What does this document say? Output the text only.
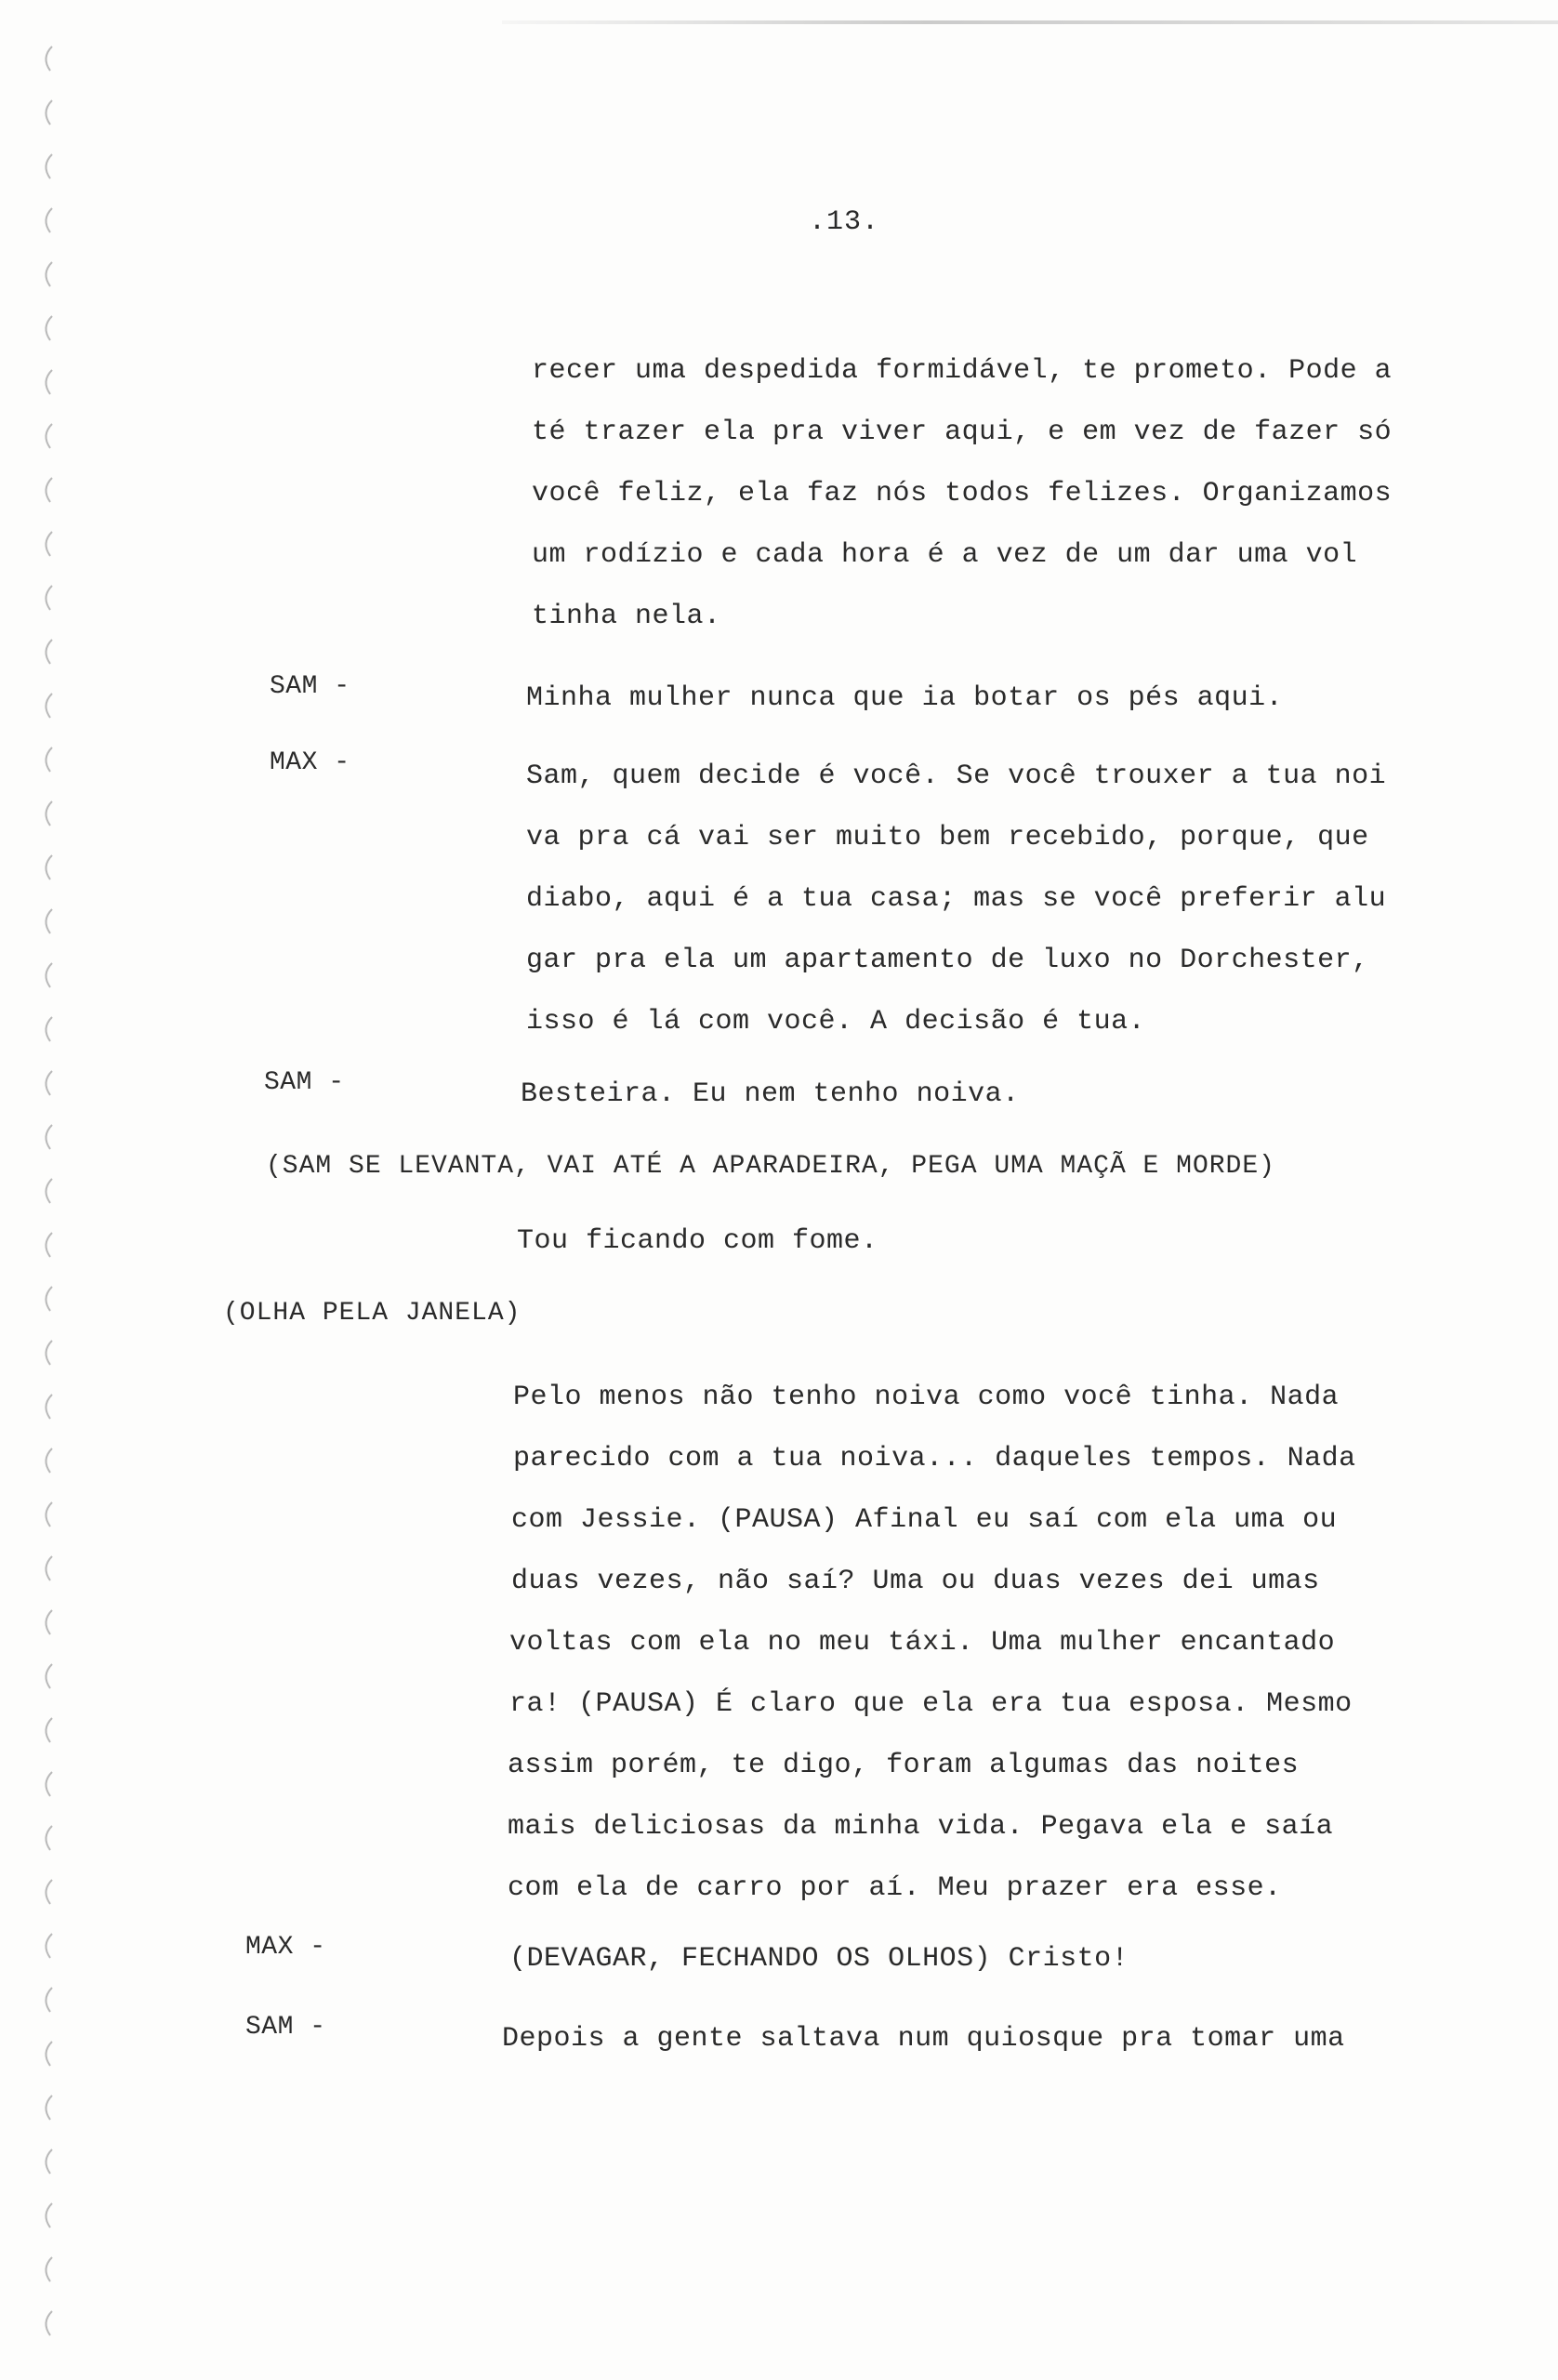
.13.
recer uma despedida formidável, te prometo. Pode a
té trazer ela pra viver aqui, e em vez de fazer só
você feliz, ela faz nós todos felizes. Organizamos
um rodízio e cada hora é a vez de um dar uma vol
tinha nela.
SAM -	Minha mulher nunca que ia botar os pés aqui.
MAX -	Sam, quem decide é você. Se você trouxer a tua noi
va pra cá vai ser muito bem recebido, porque, que
diabo, aqui é a tua casa; mas se você preferir alu
gar pra ela um apartamento de luxo no Dorchester,
isso é lá com você. A decisão é tua.
SAM -	Besteira. Eu nem tenho noiva.
(SAM SE LEVANTA, VAI ATÉ A APARADEIRA, PEGA UMA MAÇÃ E MORDE)
Tou ficando com fome.
(OLHA PELA JANELA)
Pelo menos não tenho noiva como você tinha. Nada
parecido com a tua noiva... daqueles tempos. Nada
com Jessie. (PAUSA) Afinal eu saí com ela uma ou
duas vezes, não saí? Uma ou duas vezes dei umas
voltas com ela no meu táxi. Uma mulher encantado
ra! (PAUSA) É claro que ela era tua esposa. Mesmo
assim porém, te digo, foram algumas das noites
mais deliciosas da minha vida. Pegava ela e saía
com ela de carro por aí. Meu prazer era esse.
MAX -	(DEVAGAR, FECHANDO OS OLHOS) Cristo!
SAM -	Depois a gente saltava num quiosque pra tomar uma
